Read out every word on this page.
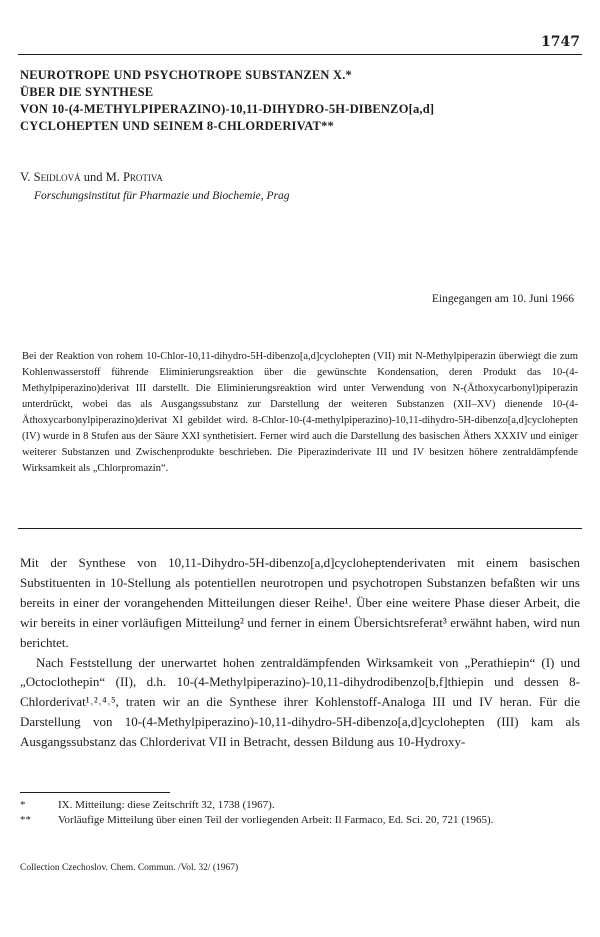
1747
NEUROTROPE UND PSYCHOTROPE SUBSTANZEN X.*
ÜBER DIE SYNTHESE
VON 10-(4-METHYLPIPERAZINO)-10,11-DIHYDRO-5H-DIBENZO[a,d]
CYCLOHEPTEN UND SEINEM 8-CHLORDERIVAT**
V. Seidlová und M. Protiva
Forschungsinstitut für Pharmazie und Biochemie, Prag
Eingegangen am 10. Juni 1966
Bei der Reaktion von rohem 10-Chlor-10,11-dihydro-5H-dibenzo[a,d]cyclohepten (VII) mit N-Methylpiperazin überwiegt die zum Kohlenwasserstoff führende Eliminierungsreaktion über die gewünschte Kondensation, deren Produkt das 10-(4-Methylpiperazino)derivat III darstellt. Die Eliminierungsreaktion wird unter Verwendung von N-(Äthoxycarbonyl)piperazin unterdrückt, wobei das als Ausgangssubstanz zur Darstellung der weiteren Substanzen (XII–XV) dienende 10-(4-Äthoxycarbonylpiperazino)derivat XI gebildet wird. 8-Chlor-10-(4-methylpiperazino)-10,11-dihydro-5H-dibenzo[a,d]cyclohepten (IV) wurde in 8 Stufen aus der Säure XXI synthetisiert. Ferner wird auch die Darstellung des basischen Äthers XXXIV und einiger weiterer Substanzen und Zwischenprodukte beschrieben. Die Piperazinderivate III und IV besitzen höhere zentraldämpfende Wirksamkeit als „Chlorpromazin“.

Mit der Synthese von 10,11-Dihydro-5H-dibenzo[a,d]cycloheptenderivaten mit einem basischen Substituenten in 10-Stellung als potentiellen neurotropen und psychotropen Substanzen befaßten wir uns bereits in einer der vorangehenden Mitteilungen dieser Reihe¹. Über eine weitere Phase dieser Arbeit, die wir bereits in einer vorläufigen Mitteilung² und ferner in einem Übersichtsreferat³ erwähnt haben, wird nun berichtet.

Nach Feststellung der unerwartet hohen zentraldämpfenden Wirksamkeit von „Perathiepin“ (I) und „Octoclothepin“ (II), d.h. 10-(4-Methylpiperazino)-10,11-dihydrodibenzo[b,f]thiepin und dessen 8-Chlorderivat¹˒²˒⁴˒⁵, traten wir an die Synthese ihrer Kohlenstoff-Analoga III und IV heran. Für die Darstellung von 10-(4-Methylpiperazino)-10,11-dihydro-5H-dibenzo[a,d]cyclohepten (III) kam als Ausgangssubstanz das Chlorderivat VII in Betracht, dessen Bildung aus 10-Hydroxy-

*	IX. Mitteilung: diese Zeitschrift 32, 1738 (1967).
**	Vorläufige Mitteilung über einen Teil der vorliegenden Arbeit: Il Farmaco, Ed. Sci. 20, 721 (1965).
Collection Czechoslov. Chem. Commun. /Vol. 32/ (1967)
